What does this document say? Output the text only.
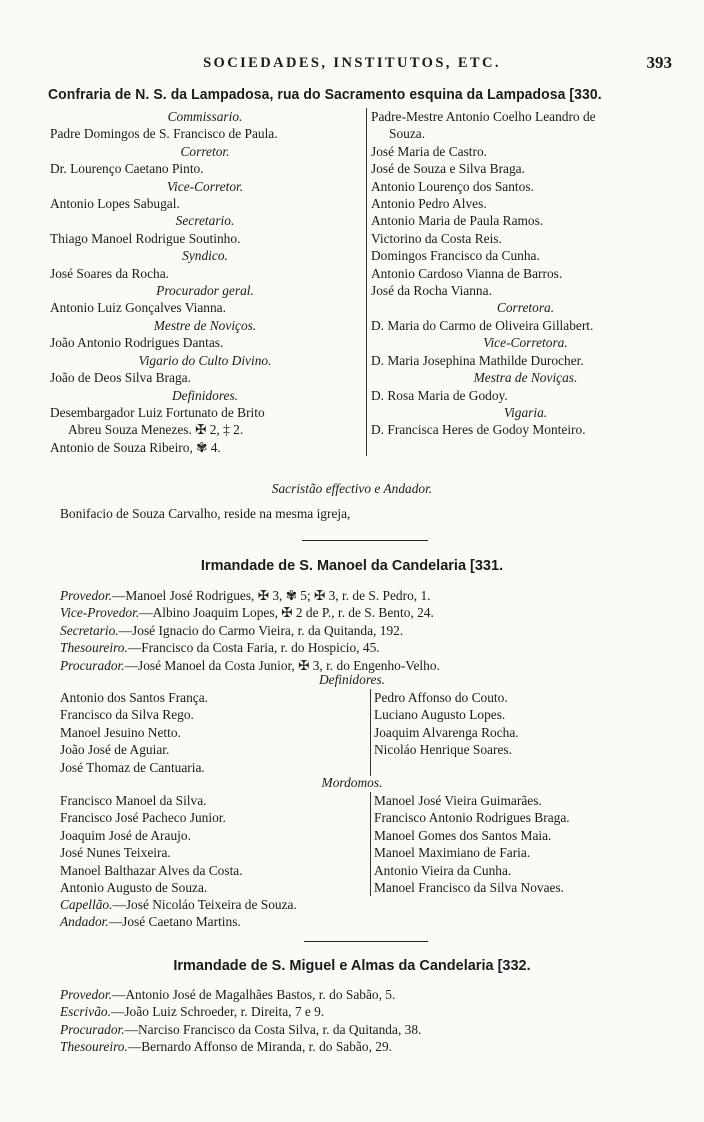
SOCIEDADES, INSTITUTOS, ETC.	393
Confraria de N. S. da Lampadosa, rua do Sacramento esquina da Lampadosa [330.
Commissario.
Padre Domingos de S. Francisco de Paula.
Corretor.
Dr. Lourenço Caetano Pinto.
Vice-Corretor.
Antonio Lopes Sabugal.
Secretario.
Thiago Manoel Rodrigue Soutinho.
Syndico.
José Soares da Rocha.
Procurador geral.
Antonio Luiz Gonçalves Vianna.
Mestre de Noviços.
João Antonio Rodrigues Dantas.
Vigario do Culto Divino.
João de Deos Silva Braga.
Definidores.
Desembargador Luiz Fortunato de Brito
Abreu Souza Menezes. ✠ 2, ‡ 2.
Antonio de Souza Ribeiro, ✾ 4.
Padre-Mestre Antonio Coelho Leandro de
Souza.
José Maria de Castro.
José de Souza e Silva Braga.
Antonio Lourenço dos Santos.
Antonio Pedro Alves.
Antonio Maria de Paula Ramos.
Victorino da Costa Reis.
Domingos Francisco da Cunha.
Antonio Cardoso Vianna de Barros.
José da Rocha Vianna.
Corretora.
D. Maria do Carmo de Oliveira Gillabert.
Vice-Corretora.
D. Maria Josephina Mathilde Durocher.
Mestra de Noviças.
D. Rosa Maria de Godoy.
Vigaria.
D. Francisca Heres de Godoy Monteiro.
Sacristão effectivo e Andador.
Bonifacio de Souza Carvalho, reside na mesma igreja,
Irmandade de S. Manoel da Candelaria [331.
Provedor.—Manoel José Rodrigues, ✠ 3, ✾ 5; ✠ 3, r. de S. Pedro, 1.
Vice-Provedor.—Albino Joaquim Lopes, ✠ 2 de P., r. de S. Bento, 24.
Secretario.—José Ignacio do Carmo Vieira, r. da Quitanda, 192.
Thesoureiro.—Francisco da Costa Faria, r. do Hospicio, 45.
Procurador.—José Manoel da Costa Junior, ✠ 3, r. do Engenho-Velho.
Definidores.
Antonio dos Santos França.
Francisco da Silva Rego.
Manoel Jesuino Netto.
João José de Aguiar.
José Thomaz de Cantuaria.
Pedro Affonso do Couto.
Luciano Augusto Lopes.
Joaquim Alvarenga Rocha.
Nicoláo Henrique Soares.
Mordomos.
Francisco Manoel da Silva.
Francisco José Pacheco Junior.
Joaquim José de Araujo.
José Nunes Teixeira.
Manoel Balthazar Alves da Costa.
Antonio Augusto de Souza.
Manoel José Vieira Guimarães.
Francisco Antonio Rodrigues Braga.
Manoel Gomes dos Santos Maia.
Manoel Maximiano de Faria.
Antonio Vieira da Cunha.
Manoel Francisco da Silva Novaes.
Capellão.—José Nicoláo Teixeira de Souza.
Andador.—José Caetano Martins.
Irmandade de S. Miguel e Almas da Candelaria [332.
Provedor.—Antonio José de Magalhães Bastos, r. do Sabão, 5.
Escrivão.—João Luiz Schroeder, r. Direita, 7 e 9.
Procurador.—Narciso Francisco da Costa Silva, r. da Quitanda, 38.
Thesoureiro.—Bernardo Affonso de Miranda, r. do Sabão, 29.
